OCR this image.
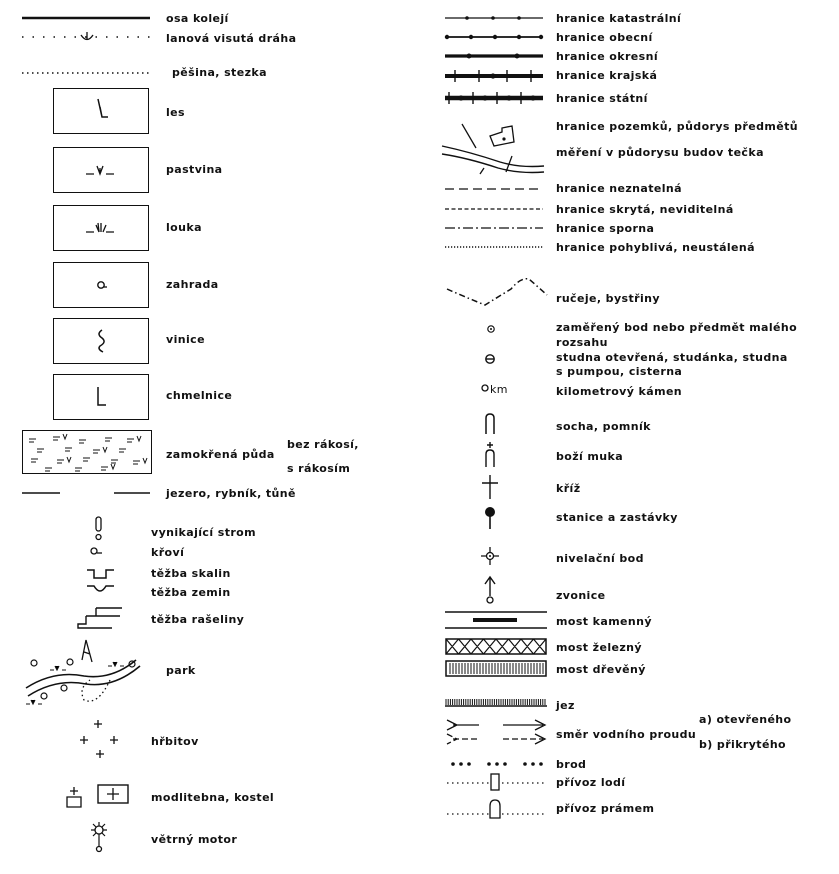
osa kolejí
lanová visutá dráha
pěšina, stezka
les
pastvina
louka
zahrada
vinice
chmelnice
zamokřená půda
bez rákosí,
s rákosím
jezero, rybník, tůně
vynikající strom
křoví
těžba skalin
těžba zemin
těžba rašeliny
park
hřbitov
modlitebna, kostel
větrný motor
hranice katastrální
hranice obecní
hranice okresní
hranice krajská
hranice státní
hranice pozemků, půdorys předmětů
měření v půdorysu budov tečka
hranice neznatelná
hranice skrytá, neviditelná
hranice sporna
hranice pohyblivá, neustálená
ručeje, bystřiny
zaměřený bod nebo předmět malého
rozsahu
studna otevřená, studánka, studna
s pumpou, cisterna
km	kilometrový kámen
socha, pomník
boží muka
kříž
stanice a zastávky
nivelační bod
zvonice
most kamenný
most železný
most dřevěný
jez
směr vodního proudu
a) otevřeného
b) přikrytého
brod
přívoz lodí
přívoz prámem
